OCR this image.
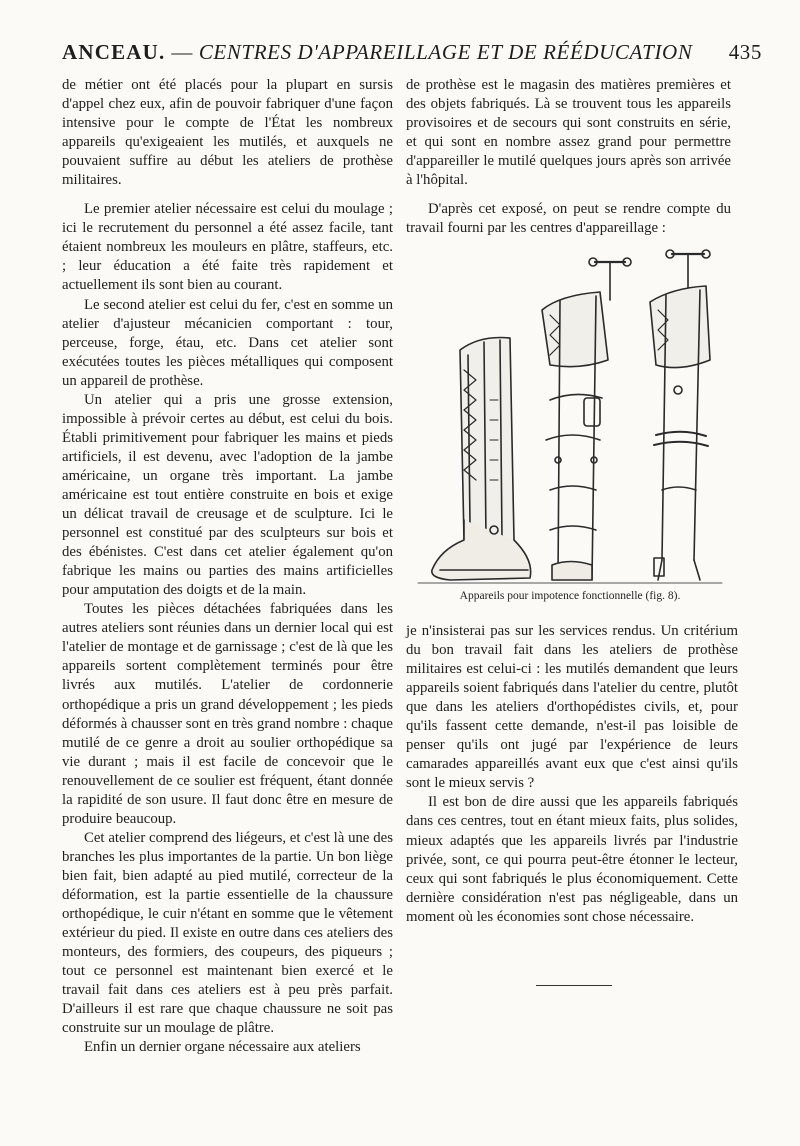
ANCEAU. — CENTRES D'APPAREILLAGE ET DE RÉÉDUCATION 435

de métier ont été placés pour la plupart en sursis d'appel chez eux, afin de pouvoir fabriquer d'une façon intensive pour le compte de l'État les nombreux appareils qu'exigeaient les mutilés, et auxquels ne pouvaient suffire au début les ateliers de prothèse militaires.

Le premier atelier nécessaire est celui du moulage ; ici le recrutement du personnel a été assez facile, tant étaient nombreux les mouleurs en plâtre, staffeurs, etc. ; leur éducation a été faite très rapidement et actuellement ils sont bien au courant.

Le second atelier est celui du fer, c'est en somme un atelier d'ajusteur mécanicien comportant : tour, perceuse, forge, étau, etc. Dans cet atelier sont exécutées toutes les pièces métalliques qui composent un appareil de prothèse.

Un atelier qui a pris une grosse extension, impossible à prévoir certes au début, est celui du bois. Établi primitivement pour fabriquer les mains et pieds artificiels, il est devenu, avec l'adoption de la jambe américaine, un organe très important. La jambe américaine est tout entière construite en bois et exige un délicat travail de creusage et de sculpture. Ici le personnel est constitué par des sculpteurs sur bois et des ébénistes. C'est dans cet atelier également qu'on fabrique les mains ou parties des mains artificielles pour amputation des doigts et de la main.

Toutes les pièces détachées fabriquées dans les autres ateliers sont réunies dans un dernier local qui est l'atelier de montage et de garnissage ; c'est de là que les appareils sortent complètement terminés pour être livrés aux mutilés. L'atelier de cordonnerie orthopédique a pris un grand développement ; les pieds déformés à chausser sont en très grand nombre : chaque mutilé de ce genre a droit au soulier orthopédique sa vie durant ; mais il est facile de concevoir que le renouvellement de ce soulier est fréquent, étant donnée la rapidité de son usure. Il faut donc être en mesure de produire beaucoup.

Cet atelier comprend des liégeurs, et c'est là une des branches les plus importantes de la partie. Un bon liège bien fait, bien adapté au pied mutilé, correcteur de la déformation, est la partie essentielle de la chaussure orthopédique, le cuir n'étant en somme que le vêtement extérieur du pied. Il existe en outre dans ces ateliers des monteurs, des formiers, des coupeurs, des piqueurs ; tout ce personnel est maintenant bien exercé et le travail fait dans ces ateliers est à peu près parfait. D'ailleurs il est rare que chaque chaussure ne soit pas construite sur un moulage de plâtre.

Enfin un dernier organe nécessaire aux ateliers

de prothèse est le magasin des matières premières et des objets fabriqués. Là se trouvent tous les appareils provisoires et de secours qui sont construits en série, et qui sont en nombre assez grand pour permettre d'appareiller le mutilé quelques jours après son arrivée à l'hôpital.

D'après cet exposé, on peut se rendre compte du travail fourni par les centres d'appareillage :

Appareils pour impotence fonctionnelle (fig. 8).

je n'insisterai pas sur les services rendus. Un critérium du bon travail fait dans les ateliers de prothèse militaires est celui-ci : les mutilés demandent que leurs appareils soient fabriqués dans l'atelier du centre, plutôt que dans les ateliers d'orthopédistes civils, et, pour qu'ils fassent cette demande, n'est-il pas loisible de penser qu'ils ont jugé par l'expérience de leurs camarades appareillés avant eux que c'est ainsi qu'ils sont le mieux servis ?

Il est bon de dire aussi que les appareils fabriqués dans ces centres, tout en étant mieux faits, plus solides, mieux adaptés que les appareils livrés par l'industrie privée, sont, ce qui pourra peut-être étonner le lecteur, ceux qui sont fabriqués le plus économiquement. Cette dernière considération n'est pas négligeable, dans un moment où les économies sont chose nécessaire.
